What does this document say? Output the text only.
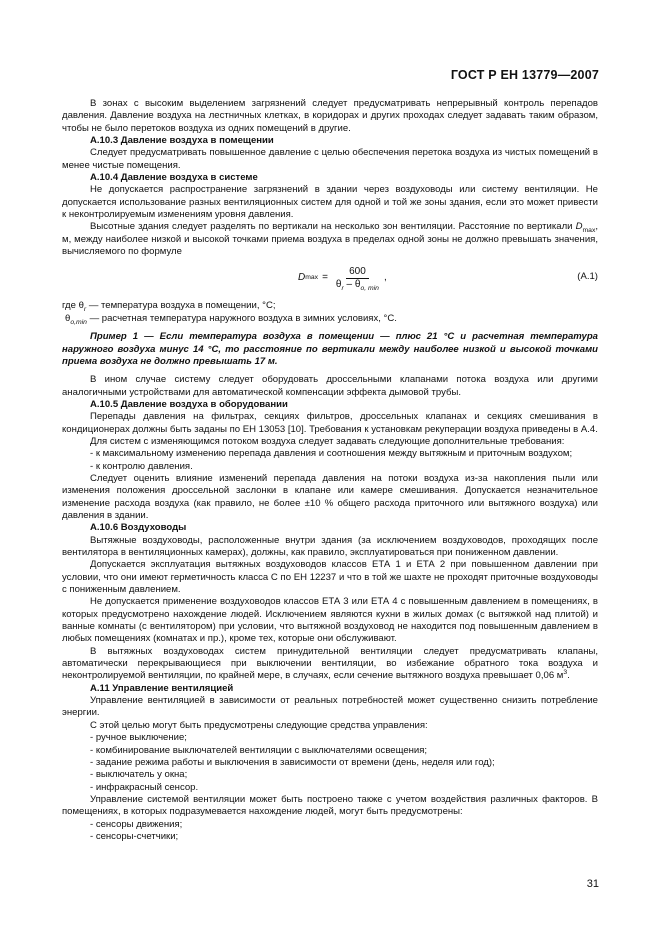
ГОСТ Р ЕН 13779—2007

В зонах с высоким выделением загрязнений следует предусматривать непрерывный контроль перепадов давления. Давление воздуха на лестничных клетках, в коридорах и других проходах следует задавать таким образом, чтобы не было перетоков воздуха из одних помещений в другие.

А.10.3 Давление воздуха в помещении

Следует предусматривать повышенное давление с целью обеспечения перетока воздуха из чистых помещений в менее чистые помещения.

А.10.4 Давление воздуха в системе

Не допускается распространение загрязнений в здании через воздуховоды или систему вентиляции. Не допускается использование разных вентиляционных систем для одной и той же зоны здания, если это может привести к неконтролируемым изменениям уровня давления.

Высотные здания следует разделять по вертикали на несколько зон вентиляции. Расстояние по вертикали $D_{max}$, м, между наиболее низкой и высокой точками приема воздуха в пределах одной зоны не должно превышать значения, вычисляемого по формуле

D $\max = \frac{600}{\theta_r - \theta_{o, min}}$ ,	(А.1)

где $\theta_r$ — температура воздуха в помещении, °С;

$\theta_{o,min}$ — расчетная температура наружного воздуха в зимних условиях, °С.

Пример 1 — Если температура воздуха в помещении — плюс 21 °С и расчетная температура наружного воздуха минус 14 °С, то расстояние по вертикали между наиболее низкой и высокой точками приема воздуха не должно превышать 17 м.

В ином случае систему следует оборудовать дроссельными клапанами потока воздуха или другими аналогичными устройствами для автоматической компенсации эффекта дымовой трубы.

А.10.5 Давление воздуха в оборудовании

Перепады давления на фильтрах, секциях фильтров, дроссельных клапанах и секциях смешивания в кондиционерах должны быть заданы по ЕН 13053 [10]. Требования к установкам рекуперации воздуха приведены в А.4.

Для систем с изменяющимся потоком воздуха следует задавать следующие дополнительные требования:

- к максимальному изменению перепада давления и соотношения между вытяжным и приточным воздухом;

- к контролю давления.

Следует оценить влияние изменений перепада давления на потоки воздуха из-за накопления пыли или изменения положения дроссельной заслонки в клапане или камере смешивания. Допускается незначительное изменение расхода воздуха (как правило, не более ±10 % общего расхода приточного или вытяжного воздуха) или давления в здании.

А.10.6 Воздуховоды

Вытяжные воздуховоды, расположенные внутри здания (за исключением воздуховодов, проходящих после вентилятора в вентиляционных камерах), должны, как правило, эксплуатироваться при пониженном давлении.

Допускается эксплуатация вытяжных воздуховодов классов ЕТА 1 и ЕТА 2 при повышенном давлении при условии, что они имеют герметичность класса С по ЕН 12237 и что в той же шахте не проходят приточные воздуховоды с пониженным давлением.

Не допускается применение воздуховодов классов ЕТА 3 или ЕТА 4 с повышенным давлением в помещениях, в которых предусмотрено нахождение людей. Исключением являются кухни в жилых домах (с вытяжкой над плитой) и ванные комнаты (с вентилятором) при условии, что вытяжной воздуховод не находится под повышенным давлением в любых помещениях (комнатах и пр.), кроме тех, которые они обслуживают.

В вытяжных воздуховодах систем принудительной вентиляции следует предусматривать клапаны, автоматически перекрывающиеся при выключении вентиляции, во избежание обратного тока воздуха и неконтролируемой вентиляции, по крайней мере, в случаях, если сечение вытяжного воздуха превышает 0,06 $м^3$.

А.11 Управление вентиляцией

Управление вентиляцией в зависимости от реальных потребностей может существенно снизить потребление энергии.

С этой целью могут быть предусмотрены следующие средства управления:

- ручное выключение;

- комбинирование выключателей вентиляции с выключателями освещения;

- задание режима работы и выключения в зависимости от времени (день, неделя или год);

- выключатель у окна;

- инфракрасный сенсор.

Управление системой вентиляции может быть построено также с учетом воздействия различных факторов. В помещениях, в которых подразумевается нахождение людей, могут быть предусмотрены:

- сенсоры движения;

- сенсоры-счетчики;

31
